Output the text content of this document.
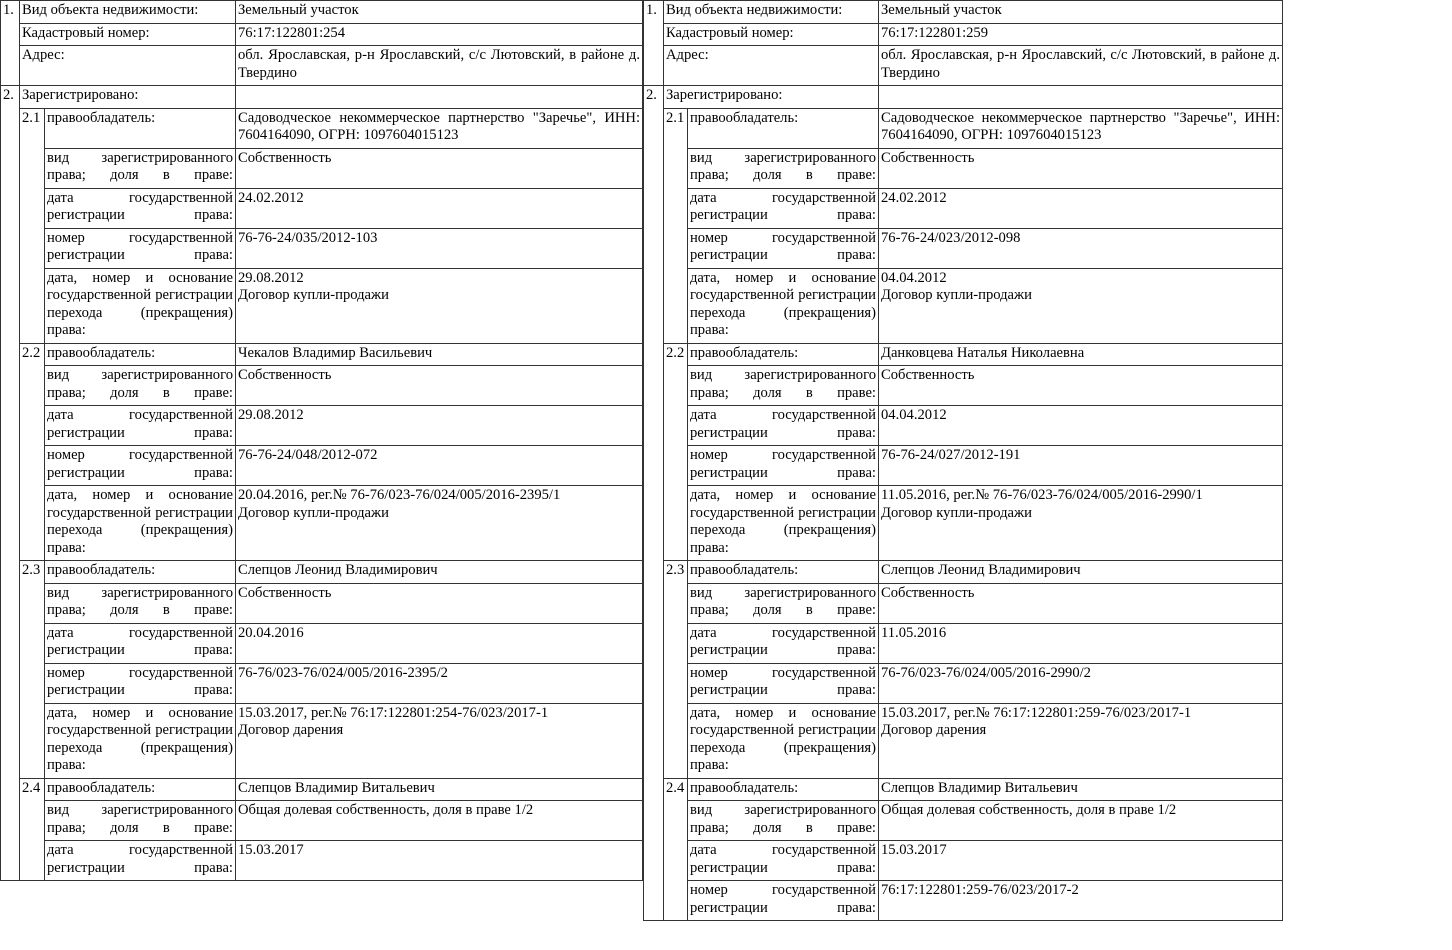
1.	Вид объекта недвижимости:		Земельный участок
	Кадастровый номер:		76:17:122801:254
	Адрес:		обл. Ярославская, р-н Ярославский, с/с Лютовский, в районе д. Твердино
2.	Зарегистрировано:		
	2.1	правообладатель:	Садоводческое некоммерческое партнерство "Заречье", ИНН: 7604164090, ОГРН: 1097604015123
		вид зарегистрированного права; доля в праве:	Собственность
		дата государственной регистрации права:	24.02.2012
		номер государственной регистрации права:	76-76-24/035/2012-103
		дата, номер и основание государственной регистрации перехода (прекращения) права:	29.08.2012
Договор купли-продажи

	2.2	правообладатель:	Чекалов Владимир Васильевич
		вид зарегистрированного права; доля в праве:	Собственность
		дата государственной регистрации права:	29.08.2012
		номер государственной регистрации права:	76-76-24/048/2012-072
		дата, номер и основание государственной регистрации перехода (прекращения) права:	20.04.2016, рег.№ 76-76/023-76/024/005/2016-2395/1
Договор купли-продажи

	2.3	правообладатель:	Слепцов Леонид Владимирович
		вид зарегистрированного права; доля в праве:	Собственность
		дата государственной регистрации права:	20.04.2016
		номер государственной регистрации права:	76-76/023-76/024/005/2016-2395/2
		дата, номер и основание государственной регистрации перехода (прекращения) права:	15.03.2017, рег.№ 76:17:122801:254-76/023/2017-1
Договор дарения

	2.4	правообладатель:	Слепцов Владимир Витальевич
		вид зарегистрированного права; доля в праве:	Общая долевая собственность, доля в праве 1/2
		дата государственной регистрации права:	15.03.2017
1.	Вид объекта недвижимости:		Земельный участок
	Кадастровый номер:		76:17:122801:259
	Адрес:		обл. Ярославская, р-н Ярославский, с/с Лютовский, в районе д. Твердино
2.	Зарегистрировано:		
	2.1	правообладатель:	Садоводческое некоммерческое партнерство "Заречье", ИНН: 7604164090, ОГРН: 1097604015123
		вид зарегистрированного права; доля в праве:	Собственность
		дата государственной регистрации права:	24.02.2012
		номер государственной регистрации права:	76-76-24/023/2012-098
		дата, номер и основание государственной регистрации перехода (прекращения) права:	04.04.2012
Договор купли-продажи

	2.2	правообладатель:	Данковцева Наталья Николаевна
		вид зарегистрированного права; доля в праве:	Собственность
		дата государственной регистрации права:	04.04.2012
		номер государственной регистрации права:	76-76-24/027/2012-191
		дата, номер и основание государственной регистрации перехода (прекращения) права:	11.05.2016, рег.№ 76-76/023-76/024/005/2016-2990/1
Договор купли-продажи

	2.3	правообладатель:	Слепцов Леонид Владимирович
		вид зарегистрированного права; доля в праве:	Собственность
		дата государственной регистрации права:	11.05.2016
		номер государственной регистрации права:	76-76/023-76/024/005/2016-2990/2
		дата, номер и основание государственной регистрации перехода (прекращения) права:	15.03.2017, рег.№ 76:17:122801:259-76/023/2017-1
Договор дарения

	2.4	правообладатель:	Слепцов Владимир Витальевич
		вид зарегистрированного права; доля в праве:	Общая долевая собственность, доля в праве 1/2
		дата государственной регистрации права:	15.03.2017
		номер государственной регистрации права:	76:17:122801:259-76/023/2017-2
